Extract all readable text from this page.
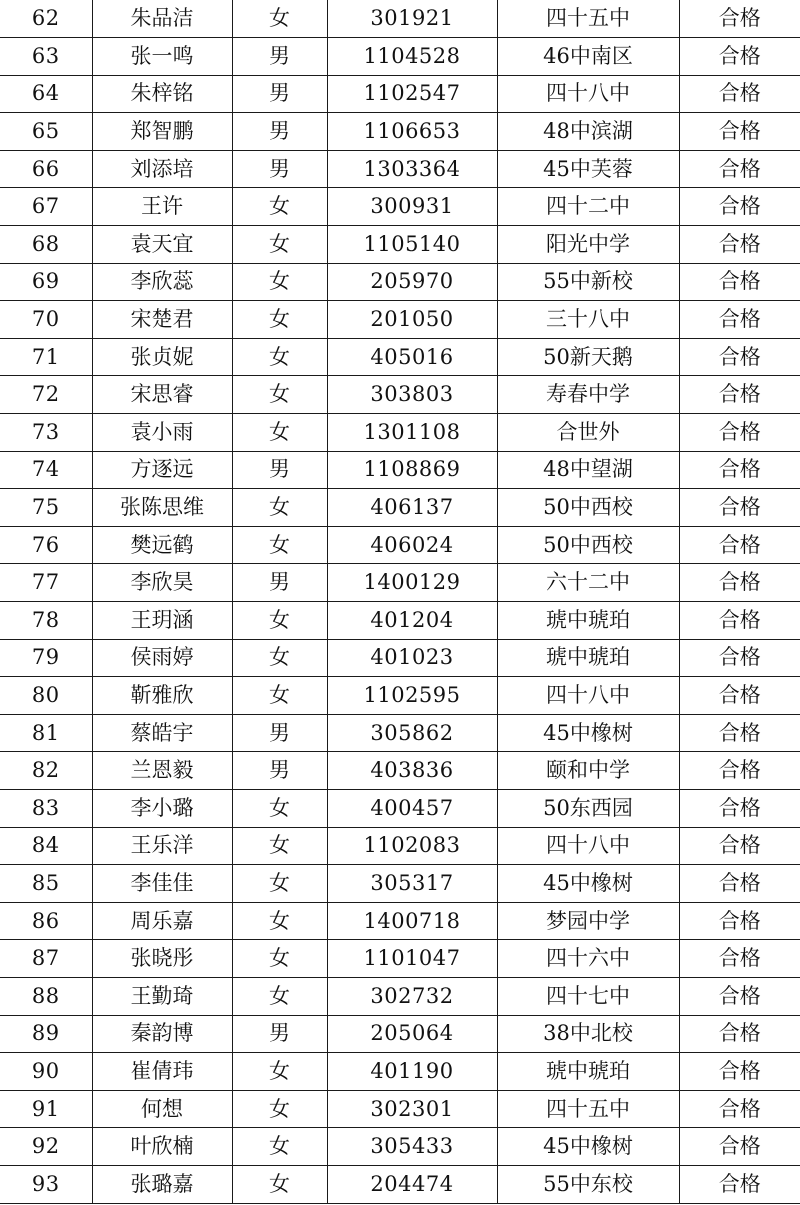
62	朱品洁	女	301921	四十五中	合格
63	张一鸣	男	1104528	46中南区	合格
64	朱梓铭	男	1102547	四十八中	合格
65	郑智鹏	男	1106653	48中滨湖	合格
66	刘添培	男	1303364	45中芙蓉	合格
67	王许	女	300931	四十二中	合格
68	袁天宜	女	1105140	阳光中学	合格
69	李欣蕊	女	205970	55中新校	合格
70	宋楚君	女	201050	三十八中	合格
71	张贞妮	女	405016	50新天鹅	合格
72	宋思睿	女	303803	寿春中学	合格
73	袁小雨	女	1301108	合世外	合格
74	方逐远	男	1108869	48中望湖	合格
75	张陈思维	女	406137	50中西校	合格
76	樊远鹤	女	406024	50中西校	合格
77	李欣昊	男	1400129	六十二中	合格
78	王玥涵	女	401204	琥中琥珀	合格
79	侯雨婷	女	401023	琥中琥珀	合格
80	靳雅欣	女	1102595	四十八中	合格
81	蔡皓宇	男	305862	45中橡树	合格
82	兰恩毅	男	403836	颐和中学	合格
83	李小璐	女	400457	50东西园	合格
84	王乐洋	女	1102083	四十八中	合格
85	李佳佳	女	305317	45中橡树	合格
86	周乐嘉	女	1400718	梦园中学	合格
87	张晓彤	女	1101047	四十六中	合格
88	王勤琦	女	302732	四十七中	合格
89	秦韵博	男	205064	38中北校	合格
90	崔倩玮	女	401190	琥中琥珀	合格
91	何想	女	302301	四十五中	合格
92	叶欣楠	女	305433	45中橡树	合格
93	张璐嘉	女	204474	55中东校	合格
